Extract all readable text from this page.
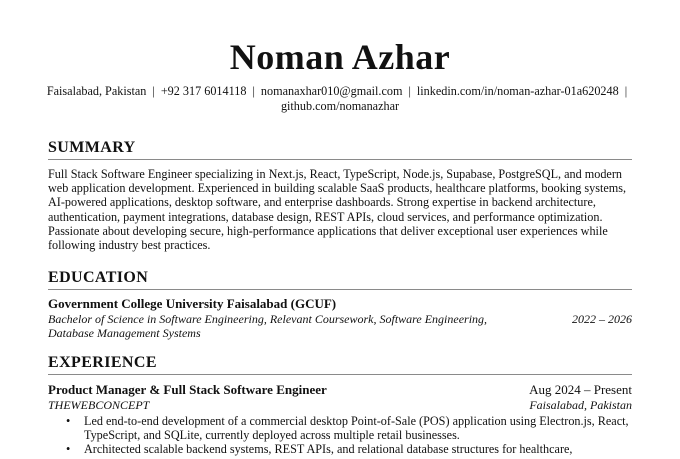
Noman Azhar
Faisalabad, Pakistan | +92 317 6014118 | nomanaxhar010@gmail.com | linkedin.com/in/noman-azhar-01a620248 |
github.com/nomanazhar
SUMMARY
Full Stack Software Engineer specializing in Next.js, React, TypeScript, Node.js, Supabase, PostgreSQL, and modern web application development. Experienced in building scalable SaaS products, healthcare platforms, booking systems, AI-powered applications, desktop software, and enterprise dashboards. Strong expertise in backend architecture, authentication, payment integrations, database design, REST APIs, cloud services, and performance optimization. Passionate about developing secure, high-performance applications that deliver exceptional user experiences while following industry best practices.
EDUCATION
Government College University Faisalabad (GCUF)
Bachelor of Science in Software Engineering, Relevant Coursework, Software Engineering, Database Management Systems
2022 – 2026
EXPERIENCE
Product Manager & Full Stack Software Engineer	Aug 2024 – Present
THEWEBCONCEPT	Faisalabad, Pakistan
• Led end-to-end development of a commercial desktop Point-of-Sale (POS) application using Electron.js, React, TypeScript, and SQLite, currently deployed across multiple retail businesses.
• Architected scalable backend systems, REST APIs, and relational database structures for healthcare,
